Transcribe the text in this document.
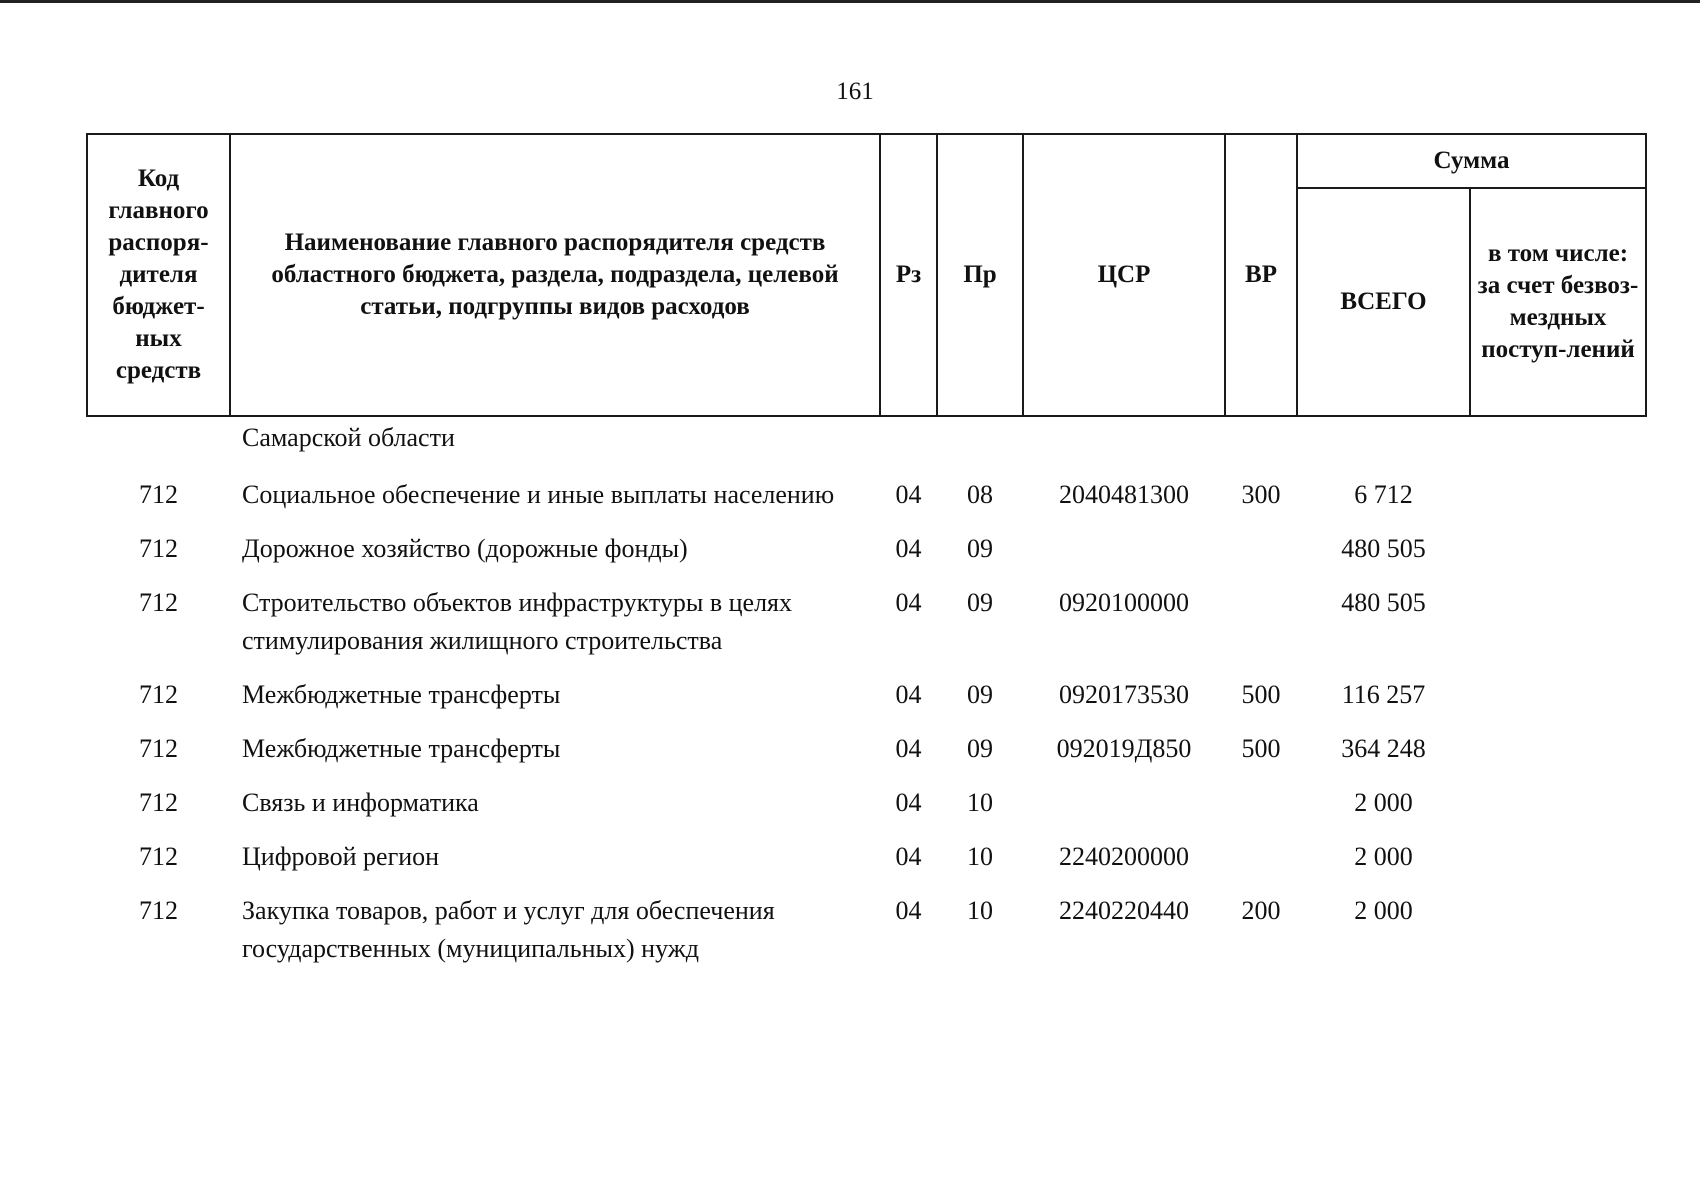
161
Код главного распоря-дителя бюджет-ных средств	Наименование главного распорядителя средств областного бюджета, раздела, подраздела, целевой статьи, подгруппы видов расходов	Рз	Пр	ЦСР	ВР	Сумма	
						ВСЕГО	в том числе: за счет безвоз-мездных поступ-лений
	Самарской области						
712	Социальное обеспечение и иные выплаты населению	04	08	2040481300	300	6 712	
712	Дорожное хозяйство (дорожные фонды)	04	09			480 505	
712	Строительство объектов инфраструктуры в целях стимулирования жилищного строительства	04	09	0920100000		480 505	
712	Межбюджетные трансферты	04	09	0920173530	500	116 257	
712	Межбюджетные трансферты	04	09	092019Д850	500	364 248	
712	Связь и информатика	04	10			2 000	
712	Цифровой регион	04	10	2240200000		2 000	
712	Закупка товаров, работ и услуг для обеспечения государственных (муниципальных) нужд	04	10	2240220440	200	2 000	
